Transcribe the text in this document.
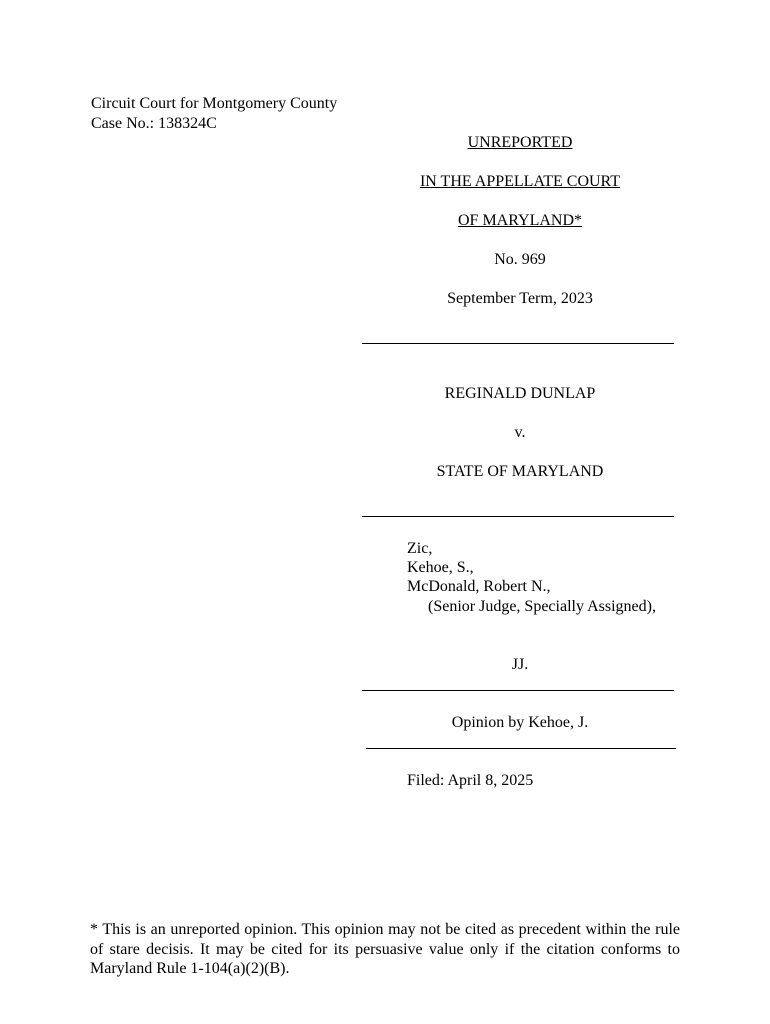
Circuit Court for Montgomery County
Case No.: 138324C
UNREPORTED
IN THE APPELLATE COURT
OF MARYLAND*
No. 969
September Term, 2023
REGINALD DUNLAP
v.
STATE OF MARYLAND
Zic,
Kehoe, S.,
McDonald, Robert N.,
(Senior Judge, Specially Assigned),
JJ.
Opinion by Kehoe, J.
Filed: April 8, 2025
* This is an unreported opinion. This opinion may not be cited as precedent within the rule of stare decisis. It may be cited for its persuasive value only if the citation conforms to Maryland Rule 1-104(a)(2)(B).
